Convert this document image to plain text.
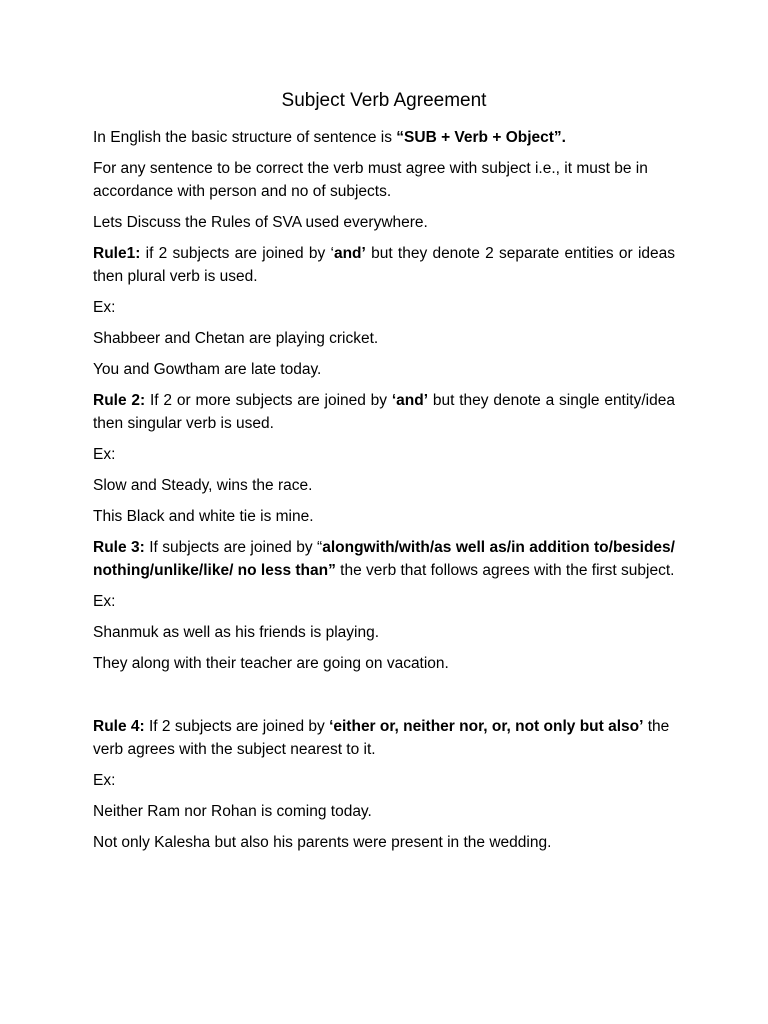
Subject Verb Agreement

In English the basic structure of sentence is “SUB + Verb + Object”.

For any sentence to be correct the verb must agree with subject i.e., it must be in accordance with person and no of subjects.

Lets Discuss the Rules of SVA used everywhere.

Rule1: if 2 subjects are joined by ‘and’ but they denote 2 separate entities or ideas then plural verb is used.

Ex:

Shabbeer and Chetan are playing cricket.

You and Gowtham are late today.

Rule 2: If 2 or more subjects are joined by ‘and’ but they denote a single entity/idea then singular verb is used.

Ex:

Slow and Steady, wins the race.

This Black and white tie is mine.

Rule 3: If subjects are joined by “alongwith/with/as well as/in addition to/besides/ nothing/unlike/like/ no less than” the verb that follows agrees with the first subject.

Ex:

Shanmuk as well as his friends is playing.

They along with their teacher are going on vacation.

Rule 4: If 2 subjects are joined by ‘either or, neither nor, or, not only but also’ the verb agrees with the subject nearest to it.

Ex:

Neither Ram nor Rohan is coming today.

Not only Kalesha but also his parents were present in the wedding.
